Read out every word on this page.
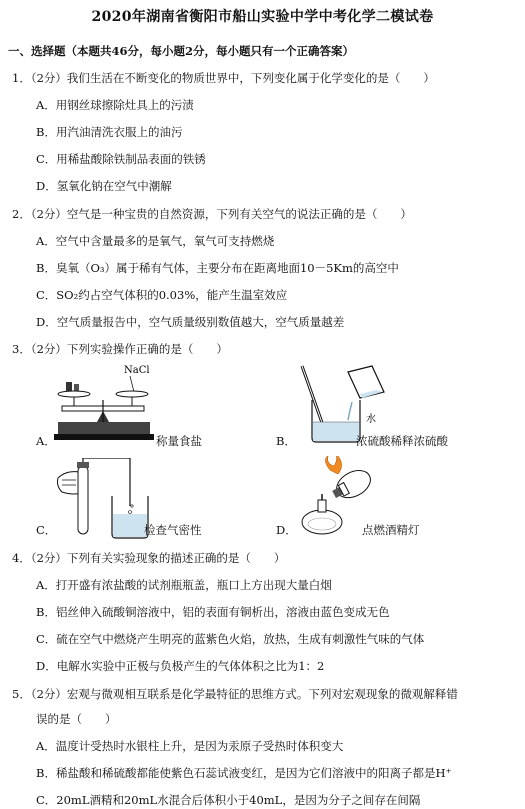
2020年湖南省衡阳市船山实验中学中考化学二模试卷
一、选择题（本题共46分，每小题2分，每小题只有一个正确答案）
1．（2分）我们生活在不断变化的物质世界中，下列变化属于化学变化的是（　　）
A．用钢丝球擦除灶具上的污渍
B．用汽油清洗衣服上的油污
C．用稀盐酸除铁制品表面的铁锈
D．氢氧化钠在空气中潮解
2．（2分）空气是一种宝贵的自然资源，下列有关空气的说法正确的是（　　）
A．空气中含量最多的是氧气，氧气可支持燃烧
B．臭氧（O₃）属于稀有气体，主要分布在距离地面10－5Km的高空中
C．SO₂约占空气体积的0.03%，能产生温室效应
D．空气质量报告中，空气质量级别数值越大，空气质量越差
3．（2分）下列实验操作正确的是（　　）
NaCl
A．	称量食盐
水
B．	浓硫酸稀释浓硫酸
C．	检查气密性	D．	点燃酒精灯
4．（2分）下列有关实验现象的描述正确的是（　　）
A．打开盛有浓盐酸的试剂瓶瓶盖，瓶口上方出现大量白烟
B．铝丝伸入硫酸铜溶液中，铝的表面有铜析出，溶液由蓝色变成无色
C．硫在空气中燃烧产生明亮的蓝紫色火焰，放热，生成有刺激性气味的气体
D．电解水实验中正极与负极产生的气体体积之比为1：2
5．（2分）宏观与微观相互联系是化学最特征的思维方式。下列对宏观现象的微观解释错
误的是（　　）
A．温度计受热时水银柱上升，是因为汞原子受热时体积变大
B．稀盐酸和稀硫酸都能使紫色石蕊试液变红，是因为它们溶液中的阳离子都是H⁺
C．20mL酒精和20mL水混合后体积小于40mL，是因为分子之间存在间隔
